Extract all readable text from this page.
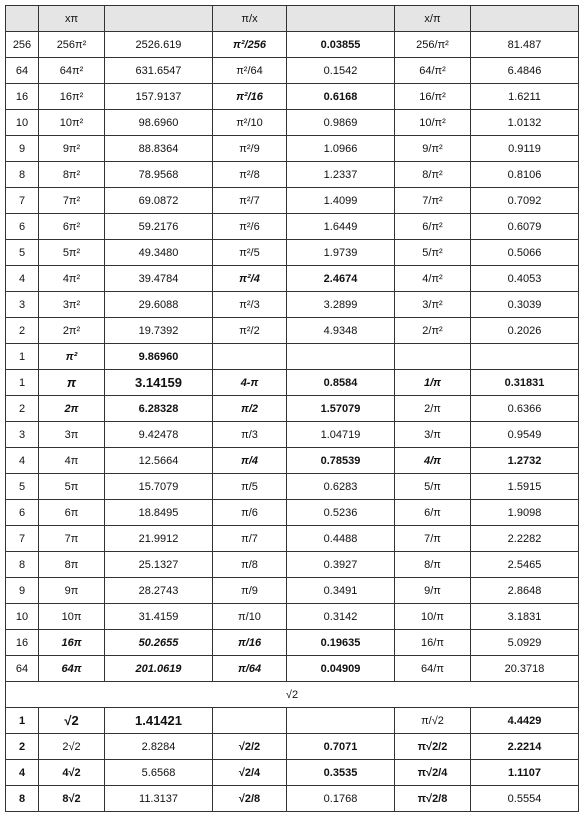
	xπ		π/x		x/π	
256	256π²	2526.619	π²/256	0.03855	256/π²	81.487
64	64π²	631.6547	π²/64	0.1542	64/π²	6.4846
16	16π²	157.9137	π²/16	0.6168	16/π²	1.6211
10	10π²	98.6960	π²/10	0.9869	10/π²	1.0132
9	9π²	88.8364	π²/9	1.0966	9/π²	0.9119
8	8π²	78.9568	π²/8	1.2337	8/π²	0.8106
7	7π²	69.0872	π²/7	1.4099	7/π²	0.7092
6	6π²	59.2176	π²/6	1.6449	6/π²	0.6079
5	5π²	49.3480	π²/5	1.9739	5/π²	0.5066
4	4π²	39.4784	π²/4	2.4674	4/π²	0.4053
3	3π²	29.6088	π²/3	3.2899	3/π²	0.3039
2	2π²	19.7392	π²/2	4.9348	2/π²	0.2026
1	π²	9.86960				
1	π	3.14159	4-π	0.8584	1/π	0.31831
2	2π	6.28328	π/2	1.57079	2/π	0.6366
3	3π	9.42478	π/3	1.04719	3/π	0.9549
4	4π	12.5664	π/4	0.78539	4/π	1.2732
5	5π	15.7079	π/5	0.6283	5/π	1.5915
6	6π	18.8495	π/6	0.5236	6/π	1.9098
7	7π	21.9912	π/7	0.4488	7/π	2.2282
8	8π	25.1327	π/8	0.3927	8/π	2.5465
9	9π	28.2743	π/9	0.3491	9/π	2.8648
10	10π	31.4159	π/10	0.3142	10/π	3.1831
16	16π	50.2655	π/16	0.19635	16/π	5.0929
64	64π	201.0619	π/64	0.04909	64/π	20.3718
√2						
1	√2	1.41421			π/√2	4.4429
2	2√2	2.8284	√2/2	0.7071	π√2/2	2.2214
4	4√2	5.6568	√2/4	0.3535	π√2/4	1.1107
8	8√2	11.3137	√2/8	0.1768	π√2/8	0.5554
